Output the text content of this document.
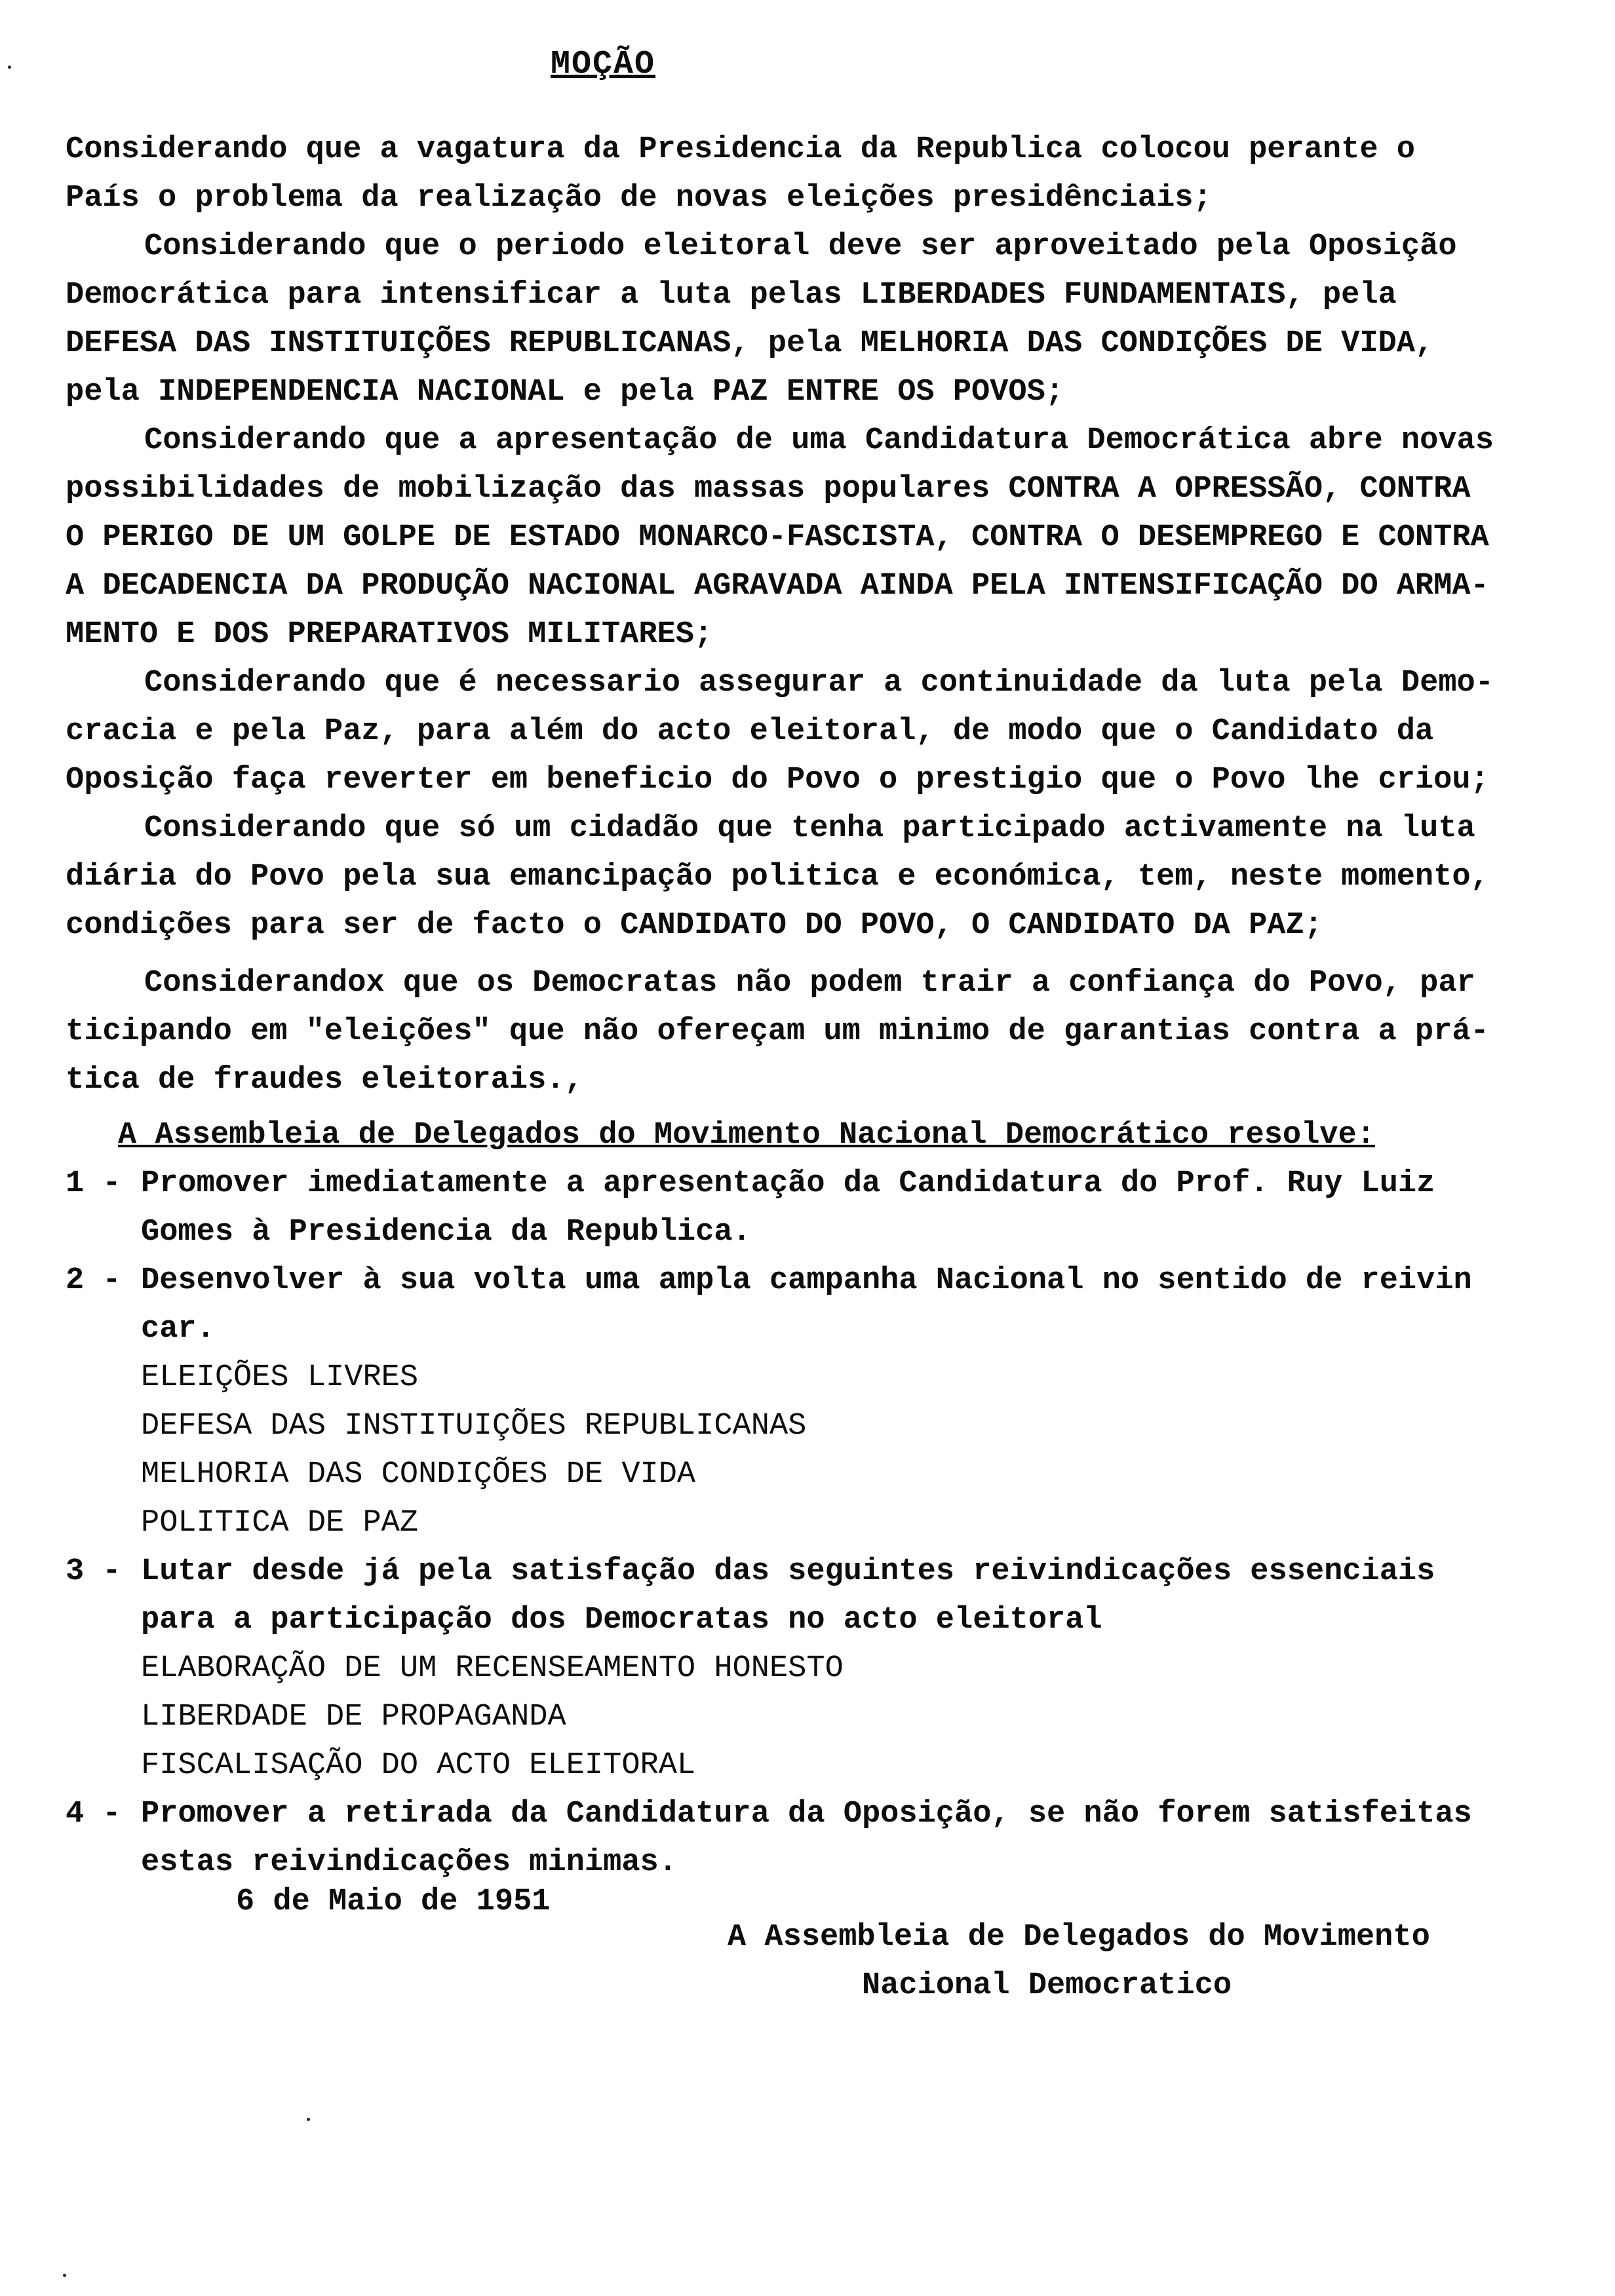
MOÇÃO
Considerando que a vagatura da Presidencia da Republica colocou perante o
País o problema da realização de novas eleições presidênciais;
Considerando que o periodo eleitoral deve ser aproveitado pela Oposição
Democrática para intensificar a luta pelas LIBERDADES FUNDAMENTAIS, pela
DEFESA DAS INSTITUIÇÕES REPUBLICANAS, pela MELHORIA DAS CONDIÇÕES DE VIDA,
pela INDEPENDENCIA NACIONAL e pela PAZ ENTRE OS POVOS;
Considerando que a apresentação de uma Candidatura Democrática abre novas
possibilidades de mobilização das massas populares CONTRA A OPRESSÃO, CONTRA
O PERIGO DE UM GOLPE DE ESTADO MONARCO-FASCISTA, CONTRA O DESEMPREGO E CONTRA
A DECADENCIA DA PRODUÇÃO NACIONAL AGRAVADA AINDA PELA INTENSIFICAÇÃO DO ARMA-
MENTO E DOS PREPARATIVOS MILITARES;
Considerando que é necessario assegurar a continuidade da luta pela Demo-
cracia e pela Paz, para além do acto eleitoral, de modo que o Candidato da
Oposição faça reverter em beneficio do Povo o prestigio que o Povo lhe criou;
Considerando que só um cidadão que tenha participado activamente na luta
diária do Povo pela sua emancipação politica e económica, tem, neste momento,
condições para ser de facto o CANDIDATO DO POVO, O CANDIDATO DA PAZ;
Considerandox que os Democratas não podem trair a confiança do Povo, par
ticipando em "eleições" que não ofereçam um minimo de garantias contra a prá-
tica de fraudes eleitorais.,
A Assembleia de Delegados do Movimento Nacional Democrático resolve:
1 - Promover imediatamente a apresentação da Candidatura do Prof. Ruy Luiz
Gomes à Presidencia da Republica.
2 - Desenvolver à sua volta uma ampla campanha Nacional no sentido de reivin
car.
ELEIÇÕES LIVRES
DEFESA DAS INSTITUIÇÕES REPUBLICANAS
MELHORIA DAS CONDIÇÕES DE VIDA
POLITICA DE PAZ
3 - Lutar desde já pela satisfação das seguintes reivindicações essenciais
para a participação dos Democratas no acto eleitoral
ELABORAÇÃO DE UM RECENSEAMENTO HONESTO
LIBERDADE DE PROPAGANDA
FISCALISAÇÃO DO ACTO ELEITORAL
4 - Promover a retirada da Candidatura da Oposição, se não forem satisfeitas
estas reivindicações minimas.
6 de Maio de 1951
A Assembleia de Delegados do Movimento
Nacional Democratico
